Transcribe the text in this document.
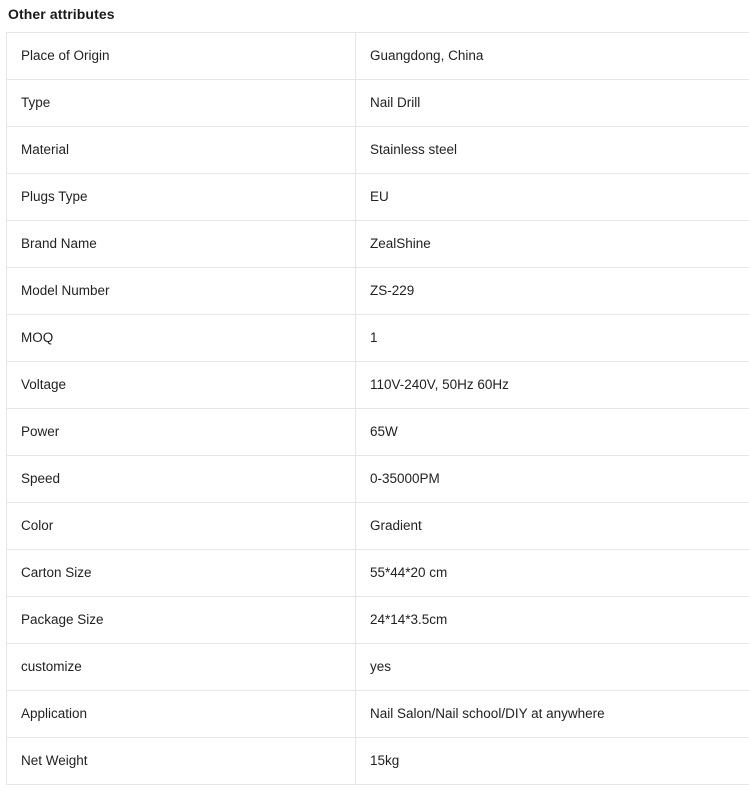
Other attributes
Place of Origin	Guangdong, China
Type	Nail Drill
Material	Stainless steel
Plugs Type	EU
Brand Name	ZealShine
Model Number	ZS-229
MOQ	1
Voltage	110V-240V, 50Hz 60Hz
Power	65W
Speed	0-35000PM
Color	Gradient
Carton Size	55*44*20 cm
Package Size	24*14*3.5cm
customize	yes
Application	Nail Salon/Nail school/DIY at anywhere
Net Weight	15kg
